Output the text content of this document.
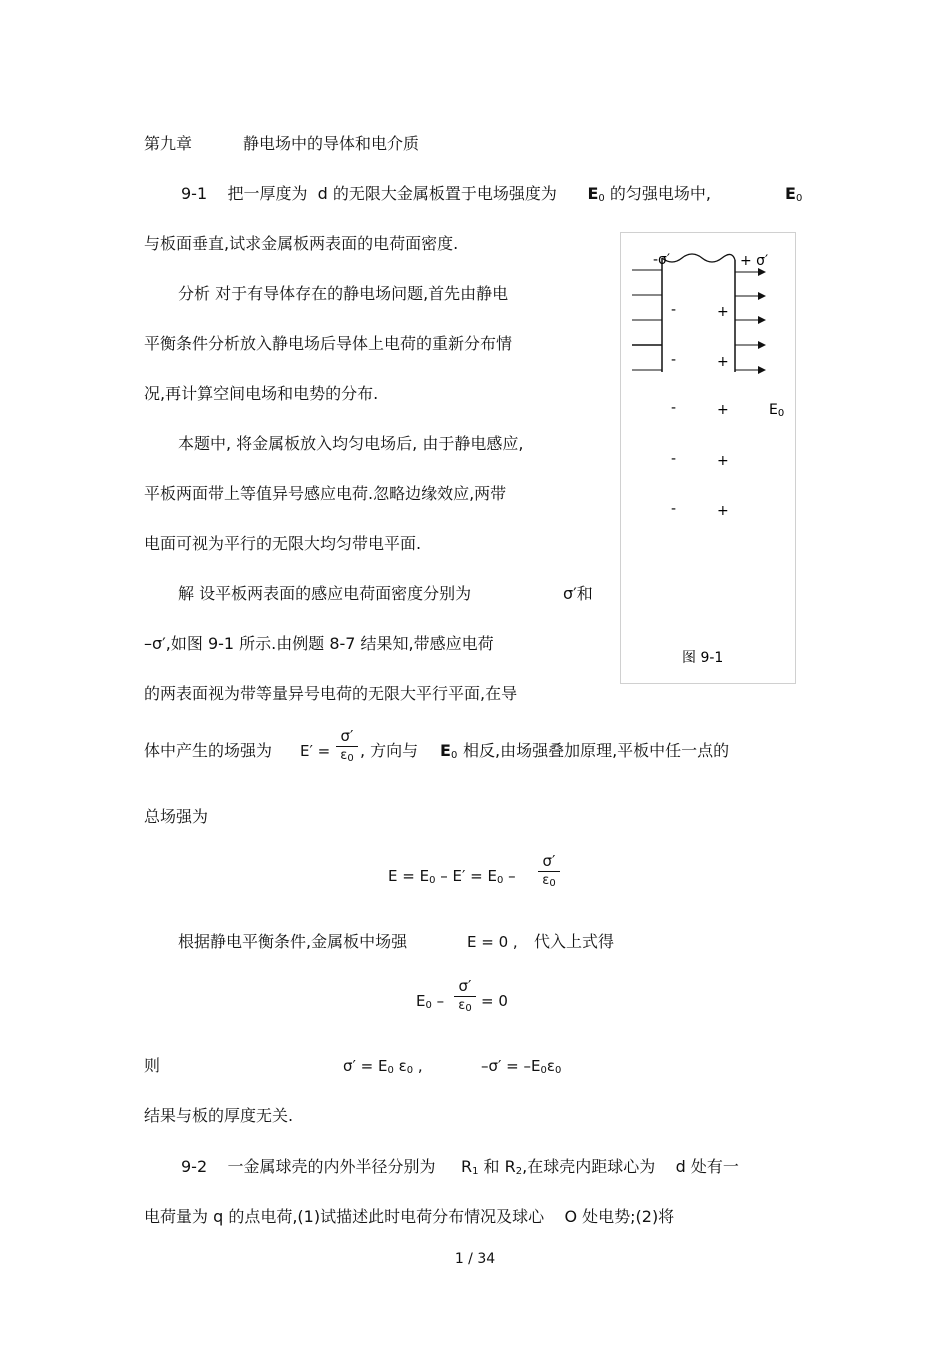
第九章	静电场中的导体和电介质
9-1 把一厚度为 d 的无限大金属板置于电场强度为 $E_0$ 的匀强电场中,	$E_0$
与板面垂直,试求金属板两表面的电荷面密度.
分析 对于有导体存在的静电场问题,首先由静电
平衡条件分析放入静电场后导体上电荷的重新分布情
况,再计算空间电场和电势的分布.
本题中, 将金属板放入均匀电场后, 由于静电感应,
平板两面带上等值异号感应电荷.忽略边缘效应,两带
电面可视为平行的无限大均匀带电平面.
解 设平板两表面的感应电荷面密度分别为	σ′和
–σ′,如图 9-1 所示.由例题 8-7 结果知,带感应电荷
的两表面视为带等量异号电荷的无限大平行平面,在导
体中产生的场强为 E′ =
σ′
$\varepsilon_0$ , 方向与 $E_0$ 相反,由场强叠加原理,平板中任一点的
总场强为
$E = E_0 - E' = E_0$ –
σ′
$\varepsilon_0$
根据静电平衡条件,金属板中场强	E = 0 , 代入上式得
$E_0$ –
σ′
$\varepsilon_0 = 0$
则	$\sigma' = E_0$ $\varepsilon_0$ ,	$-\sigma' = -E_0\varepsilon_0$
结果与板的厚度无关.
9-2 一金属球壳的内外半径分别为 $R_1$ 和 $R_2$,在球壳内距球心为 d 处有一
电荷量为 q 的点电荷,(1)试描述此时电荷分布情况及球心 O 处电势;(2)将
-σ′	+ σ′
-	+
-	+
-	+
-	+
-	+
E0
图 9-1
1 / 34
